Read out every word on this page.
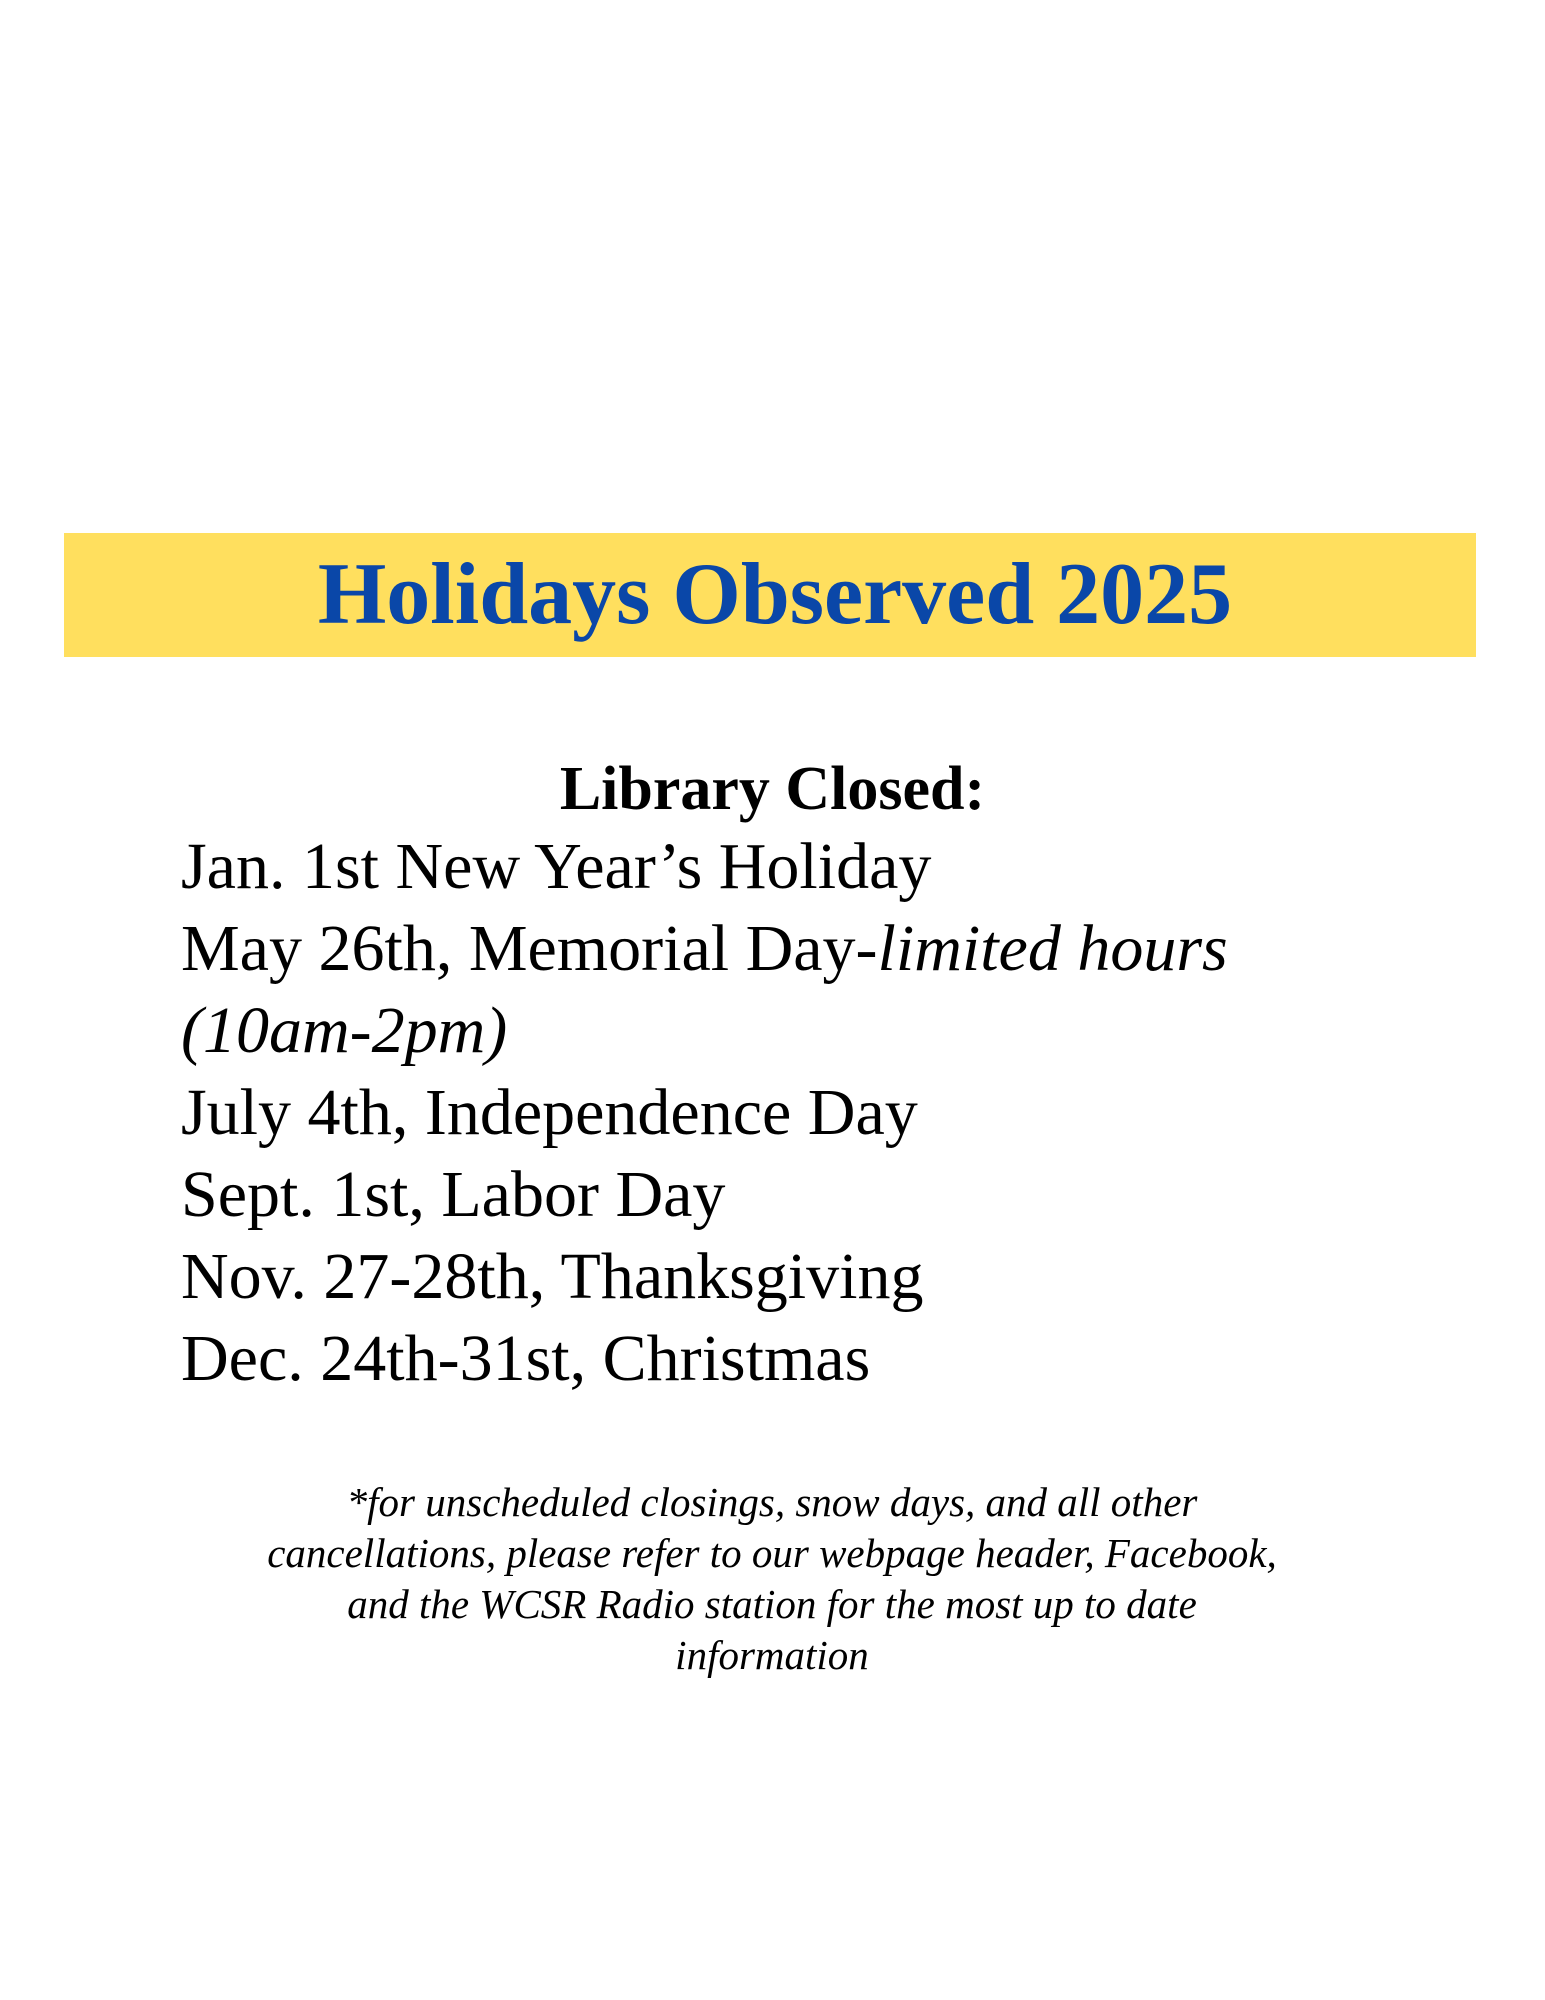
Holidays Observed 2025
Library Closed:
Jan. 1st New Year’s Holiday
May 26th, Memorial Day-limited hours
(10am-2pm)
July 4th, Independence Day
Sept. 1st, Labor Day
Nov. 27-28th, Thanksgiving
Dec. 24th-31st, Christmas
*for unscheduled closings, snow days, and all other
cancellations, please refer to our webpage header, Facebook,
and the WCSR Radio station for the most up to date
information
